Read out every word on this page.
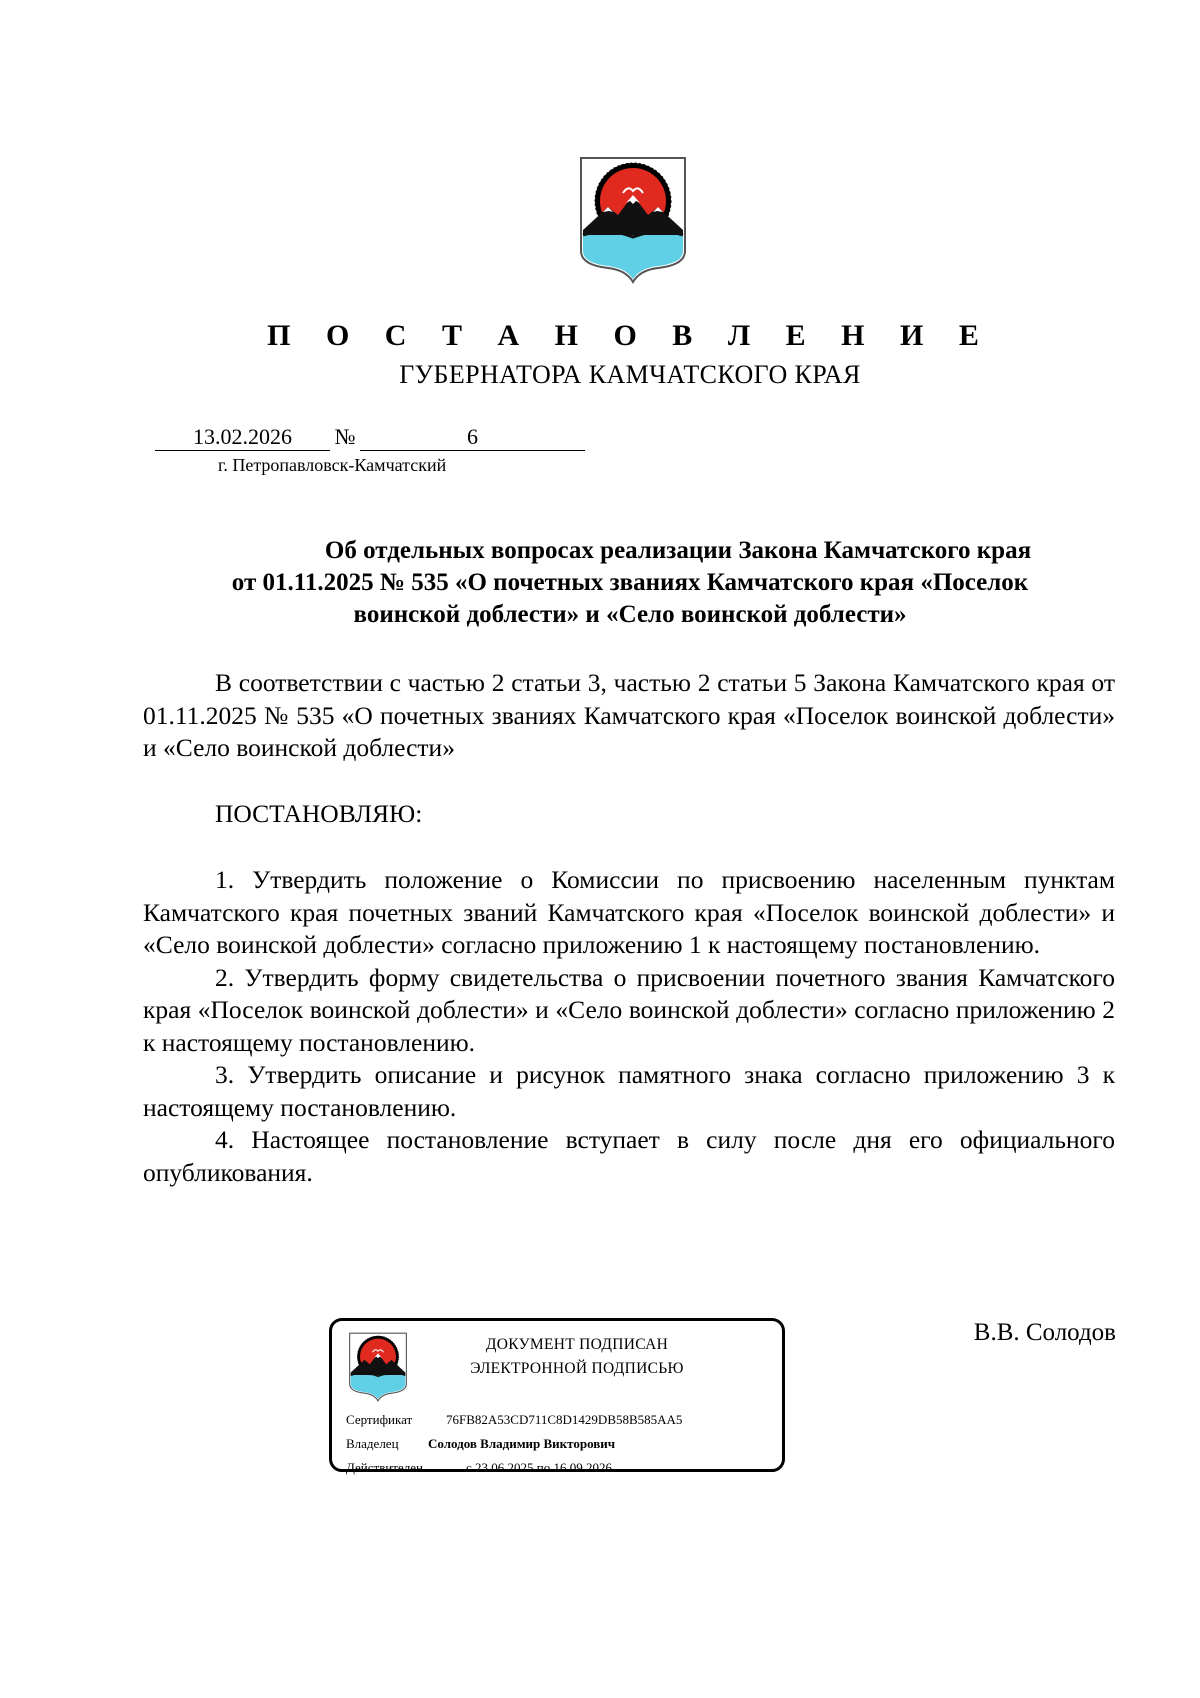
П О С Т А Н О В Л Е Н И Е
ГУБЕРНАТОРА КАМЧАТСКОГО КРАЯ
13.02.2026 №	6
г. Петропавловск-Камчатский
Об отдельных вопросах реализации Закона Камчатского края
от 01.11.2025 № 535 «О почетных званиях Камчатского края «Поселок
воинской доблести» и «Село воинской доблести»

В соответствии с частью 2 статьи 3, частью 2 статьи 5 Закона Камчатского края от 01.11.2025 № 535 «О почетных званиях Камчатского края «Поселок воинской доблести» и «Село воинской доблести»

ПОСТАНОВЛЯЮ:

1. Утвердить положение о Комиссии по присвоению населенным пунктам Камчатского края почетных званий Камчатского края «Поселок воинской доблести» и «Село воинской доблести» согласно приложению 1 к настоящему постановлению.

2. Утвердить форму свидетельства о присвоении почетного звания Камчатского края «Поселок воинской доблести» и «Село воинской доблести» согласно приложению 2 к настоящему постановлению.

3. Утвердить описание и рисунок памятного знака согласно приложению 3 к настоящему постановлению.

4. Настоящее постановление вступает в силу после дня его официального опубликования.

В.В. Солодов
ДОКУМЕНТ ПОДПИСАН
ЭЛЕКТРОННОЙ ПОДПИСЬЮ
Сертификат	76FB82A53CD711C8D1429DB58B585AA5
Владелец Солодов Владимир Викторович
Действителен	с 23.06.2025 по 16.09.2026
